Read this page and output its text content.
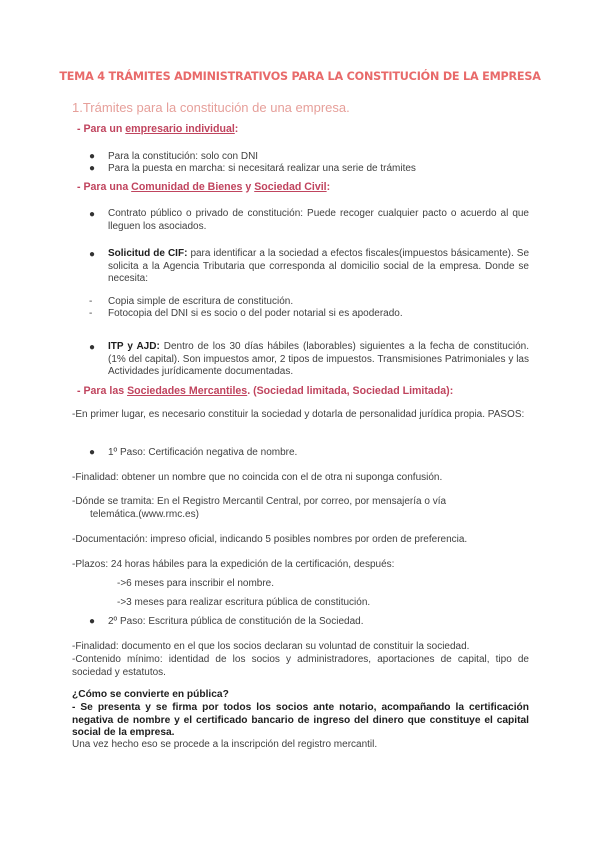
TEMA 4 TRÁMITES ADMINISTRATIVOS PARA LA CONSTITUCIÓN DE LA EMPRESA
1.Trámites para la constitución de una empresa.
- Para un empresario individual:
● Para la constitución: solo con DNI
● Para la puesta en marcha: si necesitará realizar una serie de trámites
- Para una Comunidad de Bienes y Sociedad Civil:
● Contrato público o privado de constitución: Puede recoger cualquier pacto o acuerdo al que lleguen los asociados.
● Solicitud de CIF: para identificar a la sociedad a efectos fiscales(impuestos básicamente). Se solicita a la Agencia Tributaria que corresponda al domicilio social de la empresa. Donde se necesita:
- Copia simple de escritura de constitución.
- Fotocopia del DNI si es socio o del poder notarial si es apoderado.
● ITP y AJD: Dentro de los 30 días hábiles (laborables) siguientes a la fecha de constitución. (1% del capital). Son impuestos amor, 2 tipos de impuestos. Transmisiones Patrimoniales y las Actividades jurídicamente documentadas.
- Para las Sociedades Mercantiles. (Sociedad limitada, Sociedad Limitada):
-En primer lugar, es necesario constituir la sociedad y dotarla de personalidad jurídica propia. PASOS:
● 1º Paso: Certificación negativa de nombre.
-Finalidad: obtener un nombre que no coincida con el de otra ni suponga confusión.
-Dónde se tramita: En el Registro Mercantil Central, por correo, por mensajería o vía
telemática.(www.rmc.es)
-Documentación: impreso oficial, indicando 5 posibles nombres por orden de preferencia.
-Plazos: 24 horas hábiles para la expedición de la certificación, después:
->6 meses para inscribir el nombre.
->3 meses para realizar escritura pública de constitución.
● 2º Paso: Escritura pública de constitución de la Sociedad.
-Finalidad: documento en el que los socios declaran su voluntad de constituir la sociedad.
-Contenido mínimo: identidad de los socios y administradores, aportaciones de capital, tipo de sociedad y estatutos.
¿Cómo se convierte en pública?
- Se presenta y se firma por todos los socios ante notario, acompañando la certificación negativa de nombre y el certificado bancario de ingreso del dinero que constituye el capital social de la empresa.
Una vez hecho eso se procede a la inscripción del registro mercantil.
